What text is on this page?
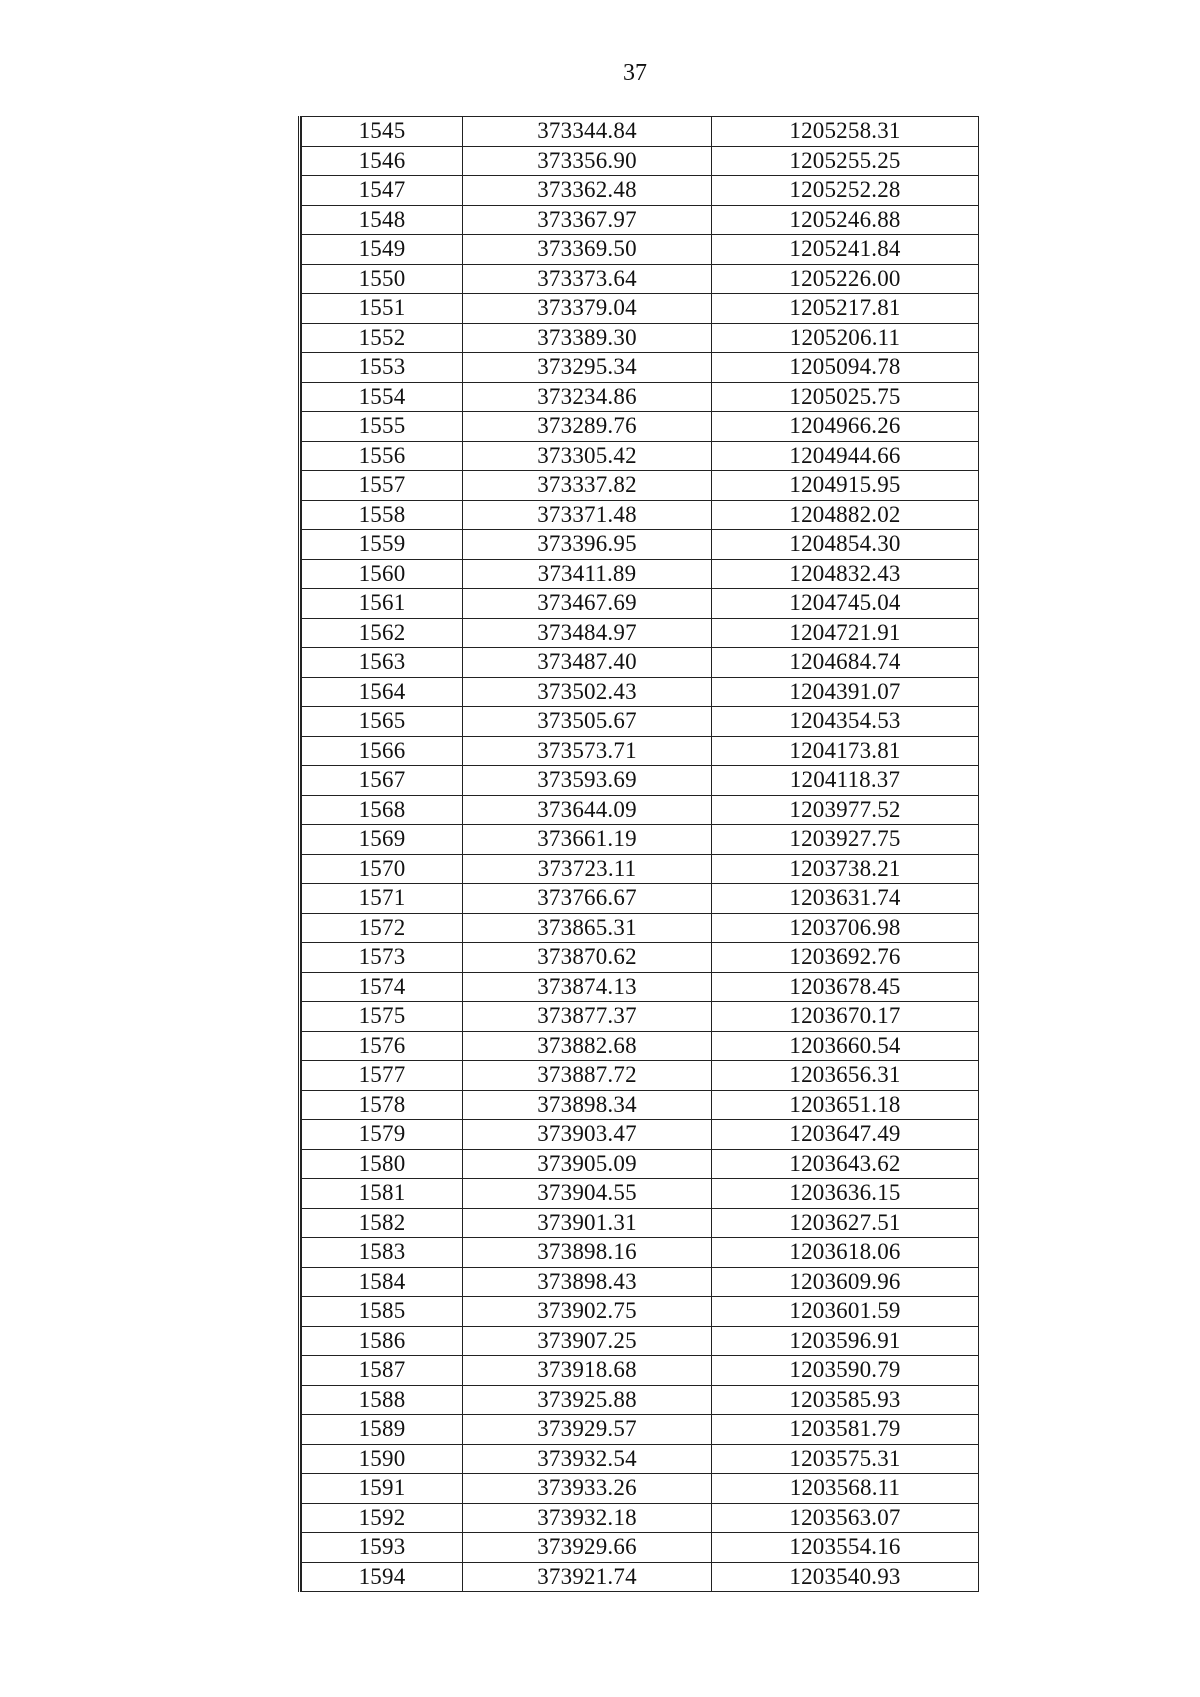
37
1545	373344.84	1205258.31
1546	373356.90	1205255.25
1547	373362.48	1205252.28
1548	373367.97	1205246.88
1549	373369.50	1205241.84
1550	373373.64	1205226.00
1551	373379.04	1205217.81
1552	373389.30	1205206.11
1553	373295.34	1205094.78
1554	373234.86	1205025.75
1555	373289.76	1204966.26
1556	373305.42	1204944.66
1557	373337.82	1204915.95
1558	373371.48	1204882.02
1559	373396.95	1204854.30
1560	373411.89	1204832.43
1561	373467.69	1204745.04
1562	373484.97	1204721.91
1563	373487.40	1204684.74
1564	373502.43	1204391.07
1565	373505.67	1204354.53
1566	373573.71	1204173.81
1567	373593.69	1204118.37
1568	373644.09	1203977.52
1569	373661.19	1203927.75
1570	373723.11	1203738.21
1571	373766.67	1203631.74
1572	373865.31	1203706.98
1573	373870.62	1203692.76
1574	373874.13	1203678.45
1575	373877.37	1203670.17
1576	373882.68	1203660.54
1577	373887.72	1203656.31
1578	373898.34	1203651.18
1579	373903.47	1203647.49
1580	373905.09	1203643.62
1581	373904.55	1203636.15
1582	373901.31	1203627.51
1583	373898.16	1203618.06
1584	373898.43	1203609.96
1585	373902.75	1203601.59
1586	373907.25	1203596.91
1587	373918.68	1203590.79
1588	373925.88	1203585.93
1589	373929.57	1203581.79
1590	373932.54	1203575.31
1591	373933.26	1203568.11
1592	373932.18	1203563.07
1593	373929.66	1203554.16
1594	373921.74	1203540.93
